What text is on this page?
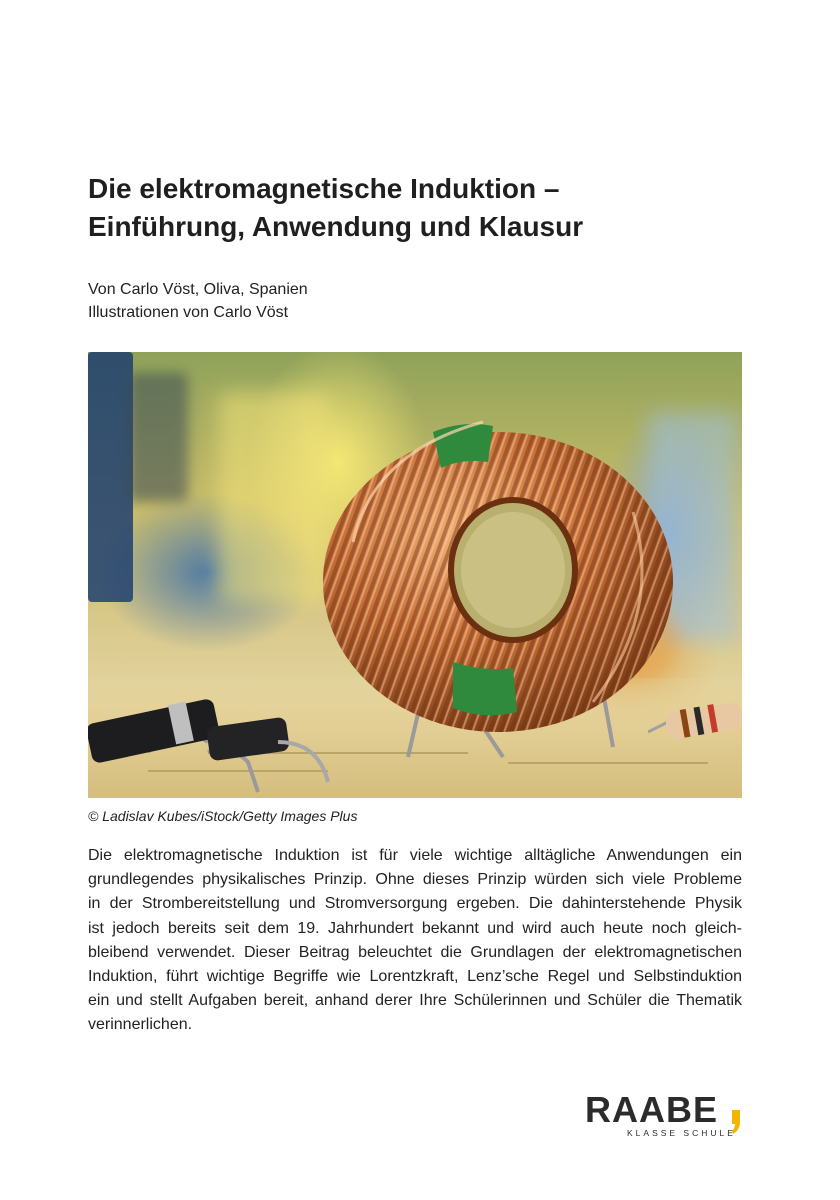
Die elektromagnetische Induktion –
Einführung, Anwendung und Klausur
Von Carlo Vöst, Oliva, Spanien
Illustrationen von Carlo Vöst
© Ladislav Kubes/iStock/Getty Images Plus
Die elektromagnetische Induktion ist für viele wichtige alltägliche Anwendungen ein
grundlegendes physikalisches Prinzip. Ohne dieses Prinzip würden sich viele Probleme
in der Strombereitstellung und Stromversorgung ergeben. Die dahinterstehende Physik
ist jedoch bereits seit dem 19. Jahrhundert bekannt und wird auch heute noch gleich-
bleibend verwendet. Dieser Beitrag beleuchtet die Grundlagen der elektromagnetischen
Induktion, führt wichtige Begriffe wie Lorentzkraft, Lenz’sche Regel und Selbstinduktion
ein und stellt Aufgaben bereit, anhand derer Ihre Schülerinnen und Schüler die Thematik
verinnerlichen.
RAABE
KLASSE SCHULE
